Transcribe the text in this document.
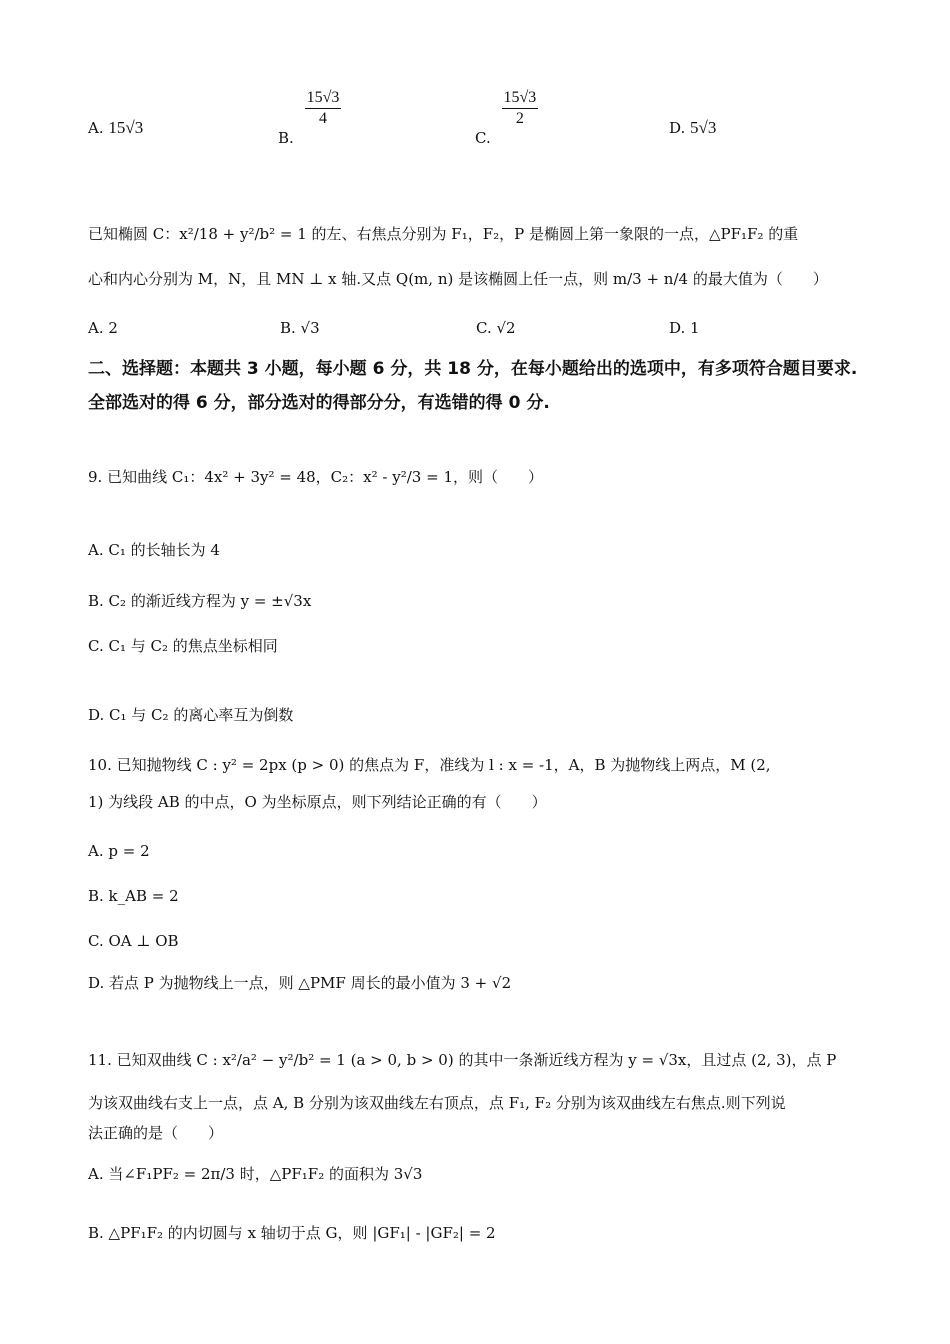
A. 15√3
B.
$\frac{15√3}{4}$
C.
$\frac{15√3}{2}$	D. 5√3
已知椭圆 C：x²/18 + y²/b² = 1 的左、右焦点分别为 F₁，F₂，P 是椭圆上第一象限的一点，△PF₁F₂ 的重
心和内心分别为 M，N，且 MN ⊥ x 轴.又点 Q(m, n) 是该椭圆上任一点，则 m/3 + n/4 的最大值为（　　）
A. 2	B. √3	C. √2	D. 1
二、选择题：本题共 3 小题，每小题 6 分，共 18 分，在每小题给出的选项中，有多项符合题目要求.全部选对的得 6 分，部分选对的得部分分，有选错的得 0 分.
9. 已知曲线 C₁：4x² + 3y² = 48，C₂：x² - y²/3 = 1，则（　　）
A. C₁ 的长轴长为 4
B. C₂ 的渐近线方程为 y = ±√3x
C. C₁ 与 C₂ 的焦点坐标相同
D. C₁ 与 C₂ 的离心率互为倒数
10. 已知抛物线 C : y² = 2px (p > 0) 的焦点为 F，准线为 l : x = -1，A，B 为抛物线上两点，M (2,
1) 为线段 AB 的中点，O 为坐标原点，则下列结论正确的有（　　）
A. p = 2
B. k_AB = 2
C. OA ⊥ OB
D. 若点 P 为抛物线上一点，则 △PMF 周长的最小值为 3 + √2
11. 已知双曲线 C : x²/a² − y²/b² = 1 (a > 0, b > 0) 的其中一条渐近线方程为 y = √3x，且过点 (2, 3)，点 P
为该双曲线右支上一点，点 A, B 分别为该双曲线左右顶点，点 F₁, F₂ 分别为该双曲线左右焦点.则下列说
法正确的是（　　）
A. 当∠F₁PF₂ = 2π/3 时，△PF₁F₂ 的面积为 3√3
B. △PF₁F₂ 的内切圆与 x 轴切于点 G，则 |GF₁| - |GF₂| = 2
